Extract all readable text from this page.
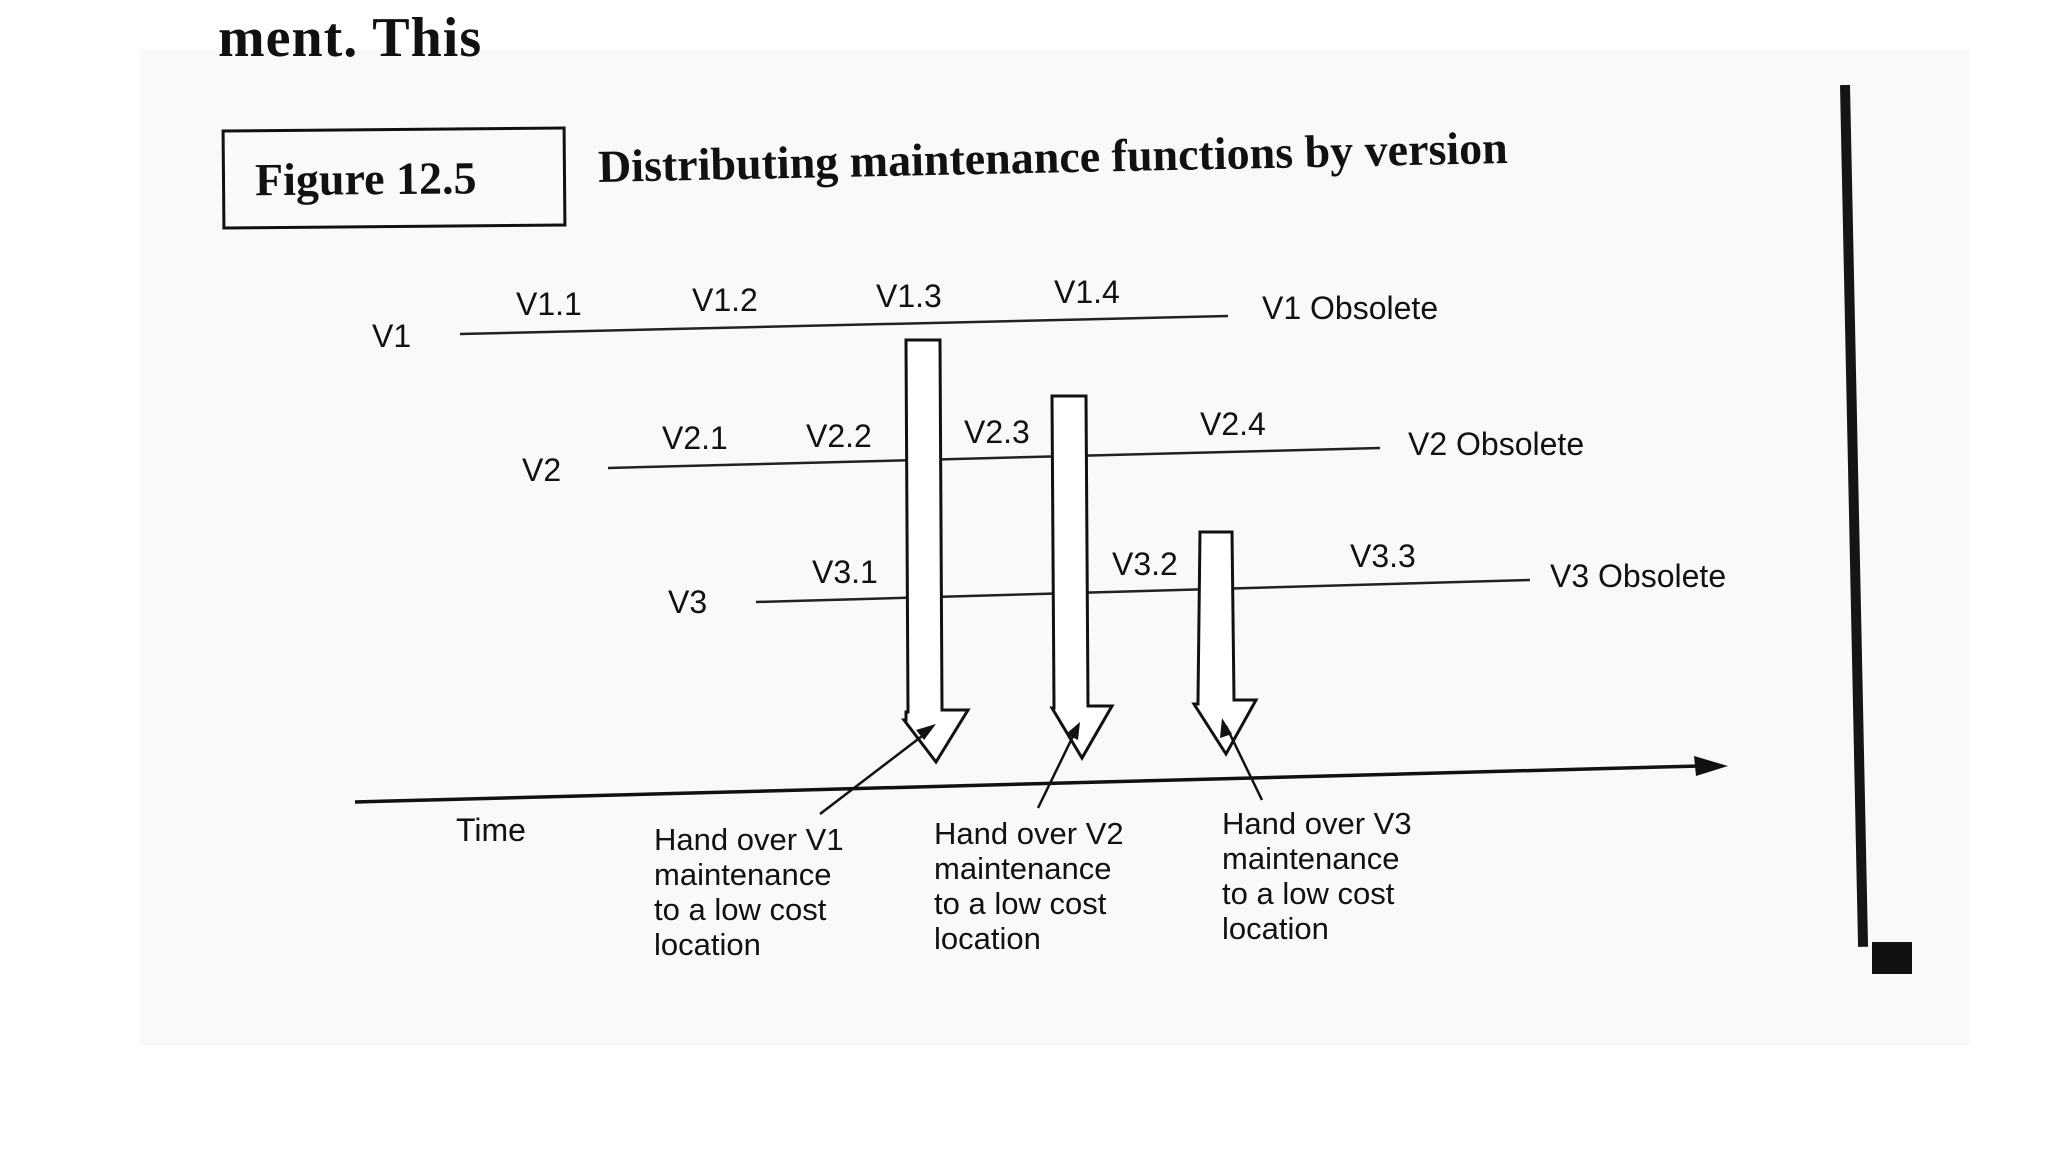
ment. This
Figure 12.5	Distributing maintenance functions by version
V1
V2
V3
V1.1	V1.2	V1.3	V1.4	V1 Obsolete
V2.1 V2.2	V2.3	V2.4
V2 Obsolete
V3.1	V3.2	V3.3
V3 Obsolete
Time	Hand over V1
maintenance
to a low cost
location
Hand over V2
maintenance
to a low cost
location
Hand over V3
maintenance
to a low cost
location
